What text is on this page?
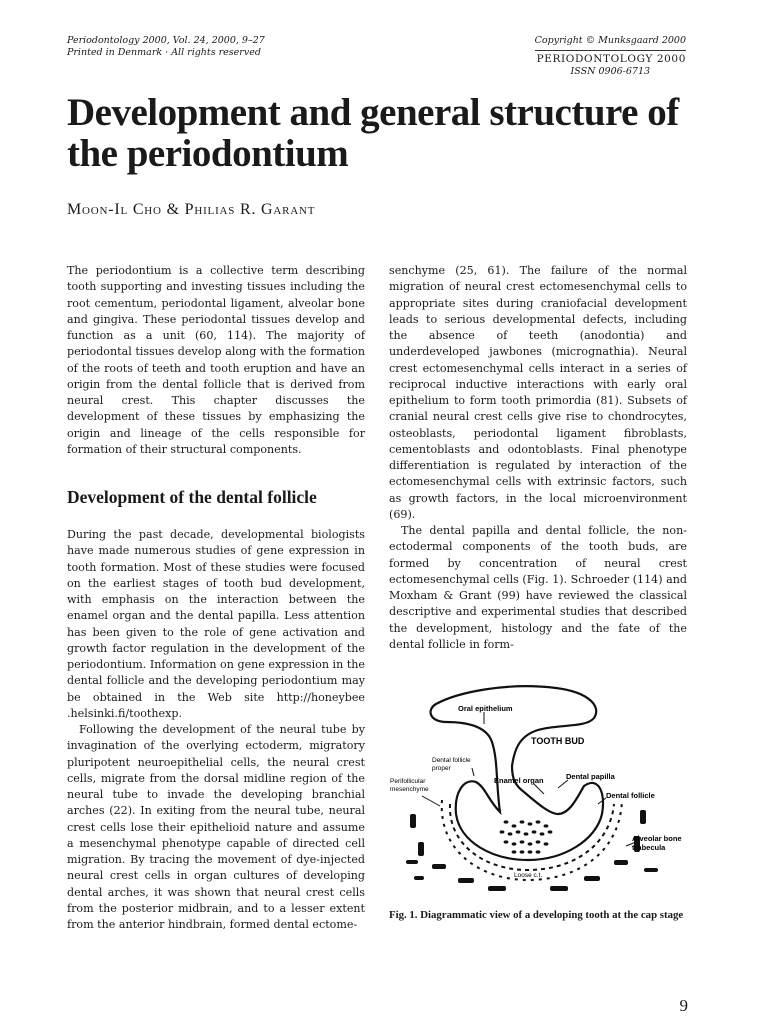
Periodontology 2000, Vol. 24, 2000, 9–27
Printed in Denmark · All rights reserved
Copyright © Munksgaard 2000
PERIODONTOLOGY 2000
ISSN 0906-6713
Development and general structure of the periodontium
Moon-Il Cho & Philias R. Garant

The periodontium is a collective term describing tooth supporting and investing tissues including the root cementum, periodontal ligament, alveolar bone and gingiva. These periodontal tissues develop and function as a unit (60, 114). The majority of periodontal tissues develop along with the formation of the roots of teeth and tooth eruption and have an origin from the dental follicle that is derived from neural crest. This chapter discusses the development of these tissues by emphasizing the origin and lineage of the cells responsible for formation of their structural components.

Development of the dental follicle

During the past decade, developmental biologists have made numerous studies of gene expression in tooth formation. Most of these studies were focused on the earliest stages of tooth bud development, with emphasis on the interaction between the enamel organ and the dental papilla. Less attention has been given to the role of gene activation and growth factor regulation in the development of the periodontium. Information on gene expression in the dental follicle and the developing periodontium may be obtained in the Web site http://honeybee .helsinki.fi/toothexp.

Following the development of the neural tube by invagination of the overlying ectoderm, migratory pluripotent neuroepithelial cells, the neural crest cells, migrate from the dorsal midline region of the neural tube to invade the developing branchial arches (22). In exiting from the neural tube, neural crest cells lose their epithelioid nature and assume a mesenchymal phenotype capable of directed cell migration. By tracing the movement of dye-injected neural crest cells in organ cultures of developing dental arches, it was shown that neural crest cells from the posterior midbrain, and to a lesser extent from the anterior hindbrain, formed dental ectome-

senchyme (25, 61). The failure of the normal migration of neural crest ectomesenchymal cells to appropriate sites during craniofacial development leads to serious developmental defects, including the absence of teeth (anodontia) and underdeveloped jawbones (micrognathia). Neural crest ectomesenchymal cells interact in a series of reciprocal inductive interactions with early oral epithelium to form tooth primordia (81). Subsets of cranial neural crest cells give rise to chondrocytes, osteoblasts, periodontal ligament fibroblasts, cementoblasts and odontoblasts. Final phenotype differentiation is regulated by interaction of the ectomesenchymal cells with extrinsic factors, such as growth factors, in the local microenvironment (69).

The dental papilla and dental follicle, the non-ectodermal components of the tooth buds, are formed by concentration of neural crest ectomesenchymal cells (Fig. 1). Schroeder (114) and Moxham & Grant (99) have reviewed the classical descriptive and experimental studies that described the development, histology and the fate of the dental follicle in form-

Oral epithelium
TOOTH BUD
Dental follicle
proper
Perifollicular
mesenchyme
Enamel organ	Dental papilla
Dental follicle
Alveolar bone
trabecula
Loose c.t.
Fig. 1. Diagrammatic view of a developing tooth at the cap stage
9
